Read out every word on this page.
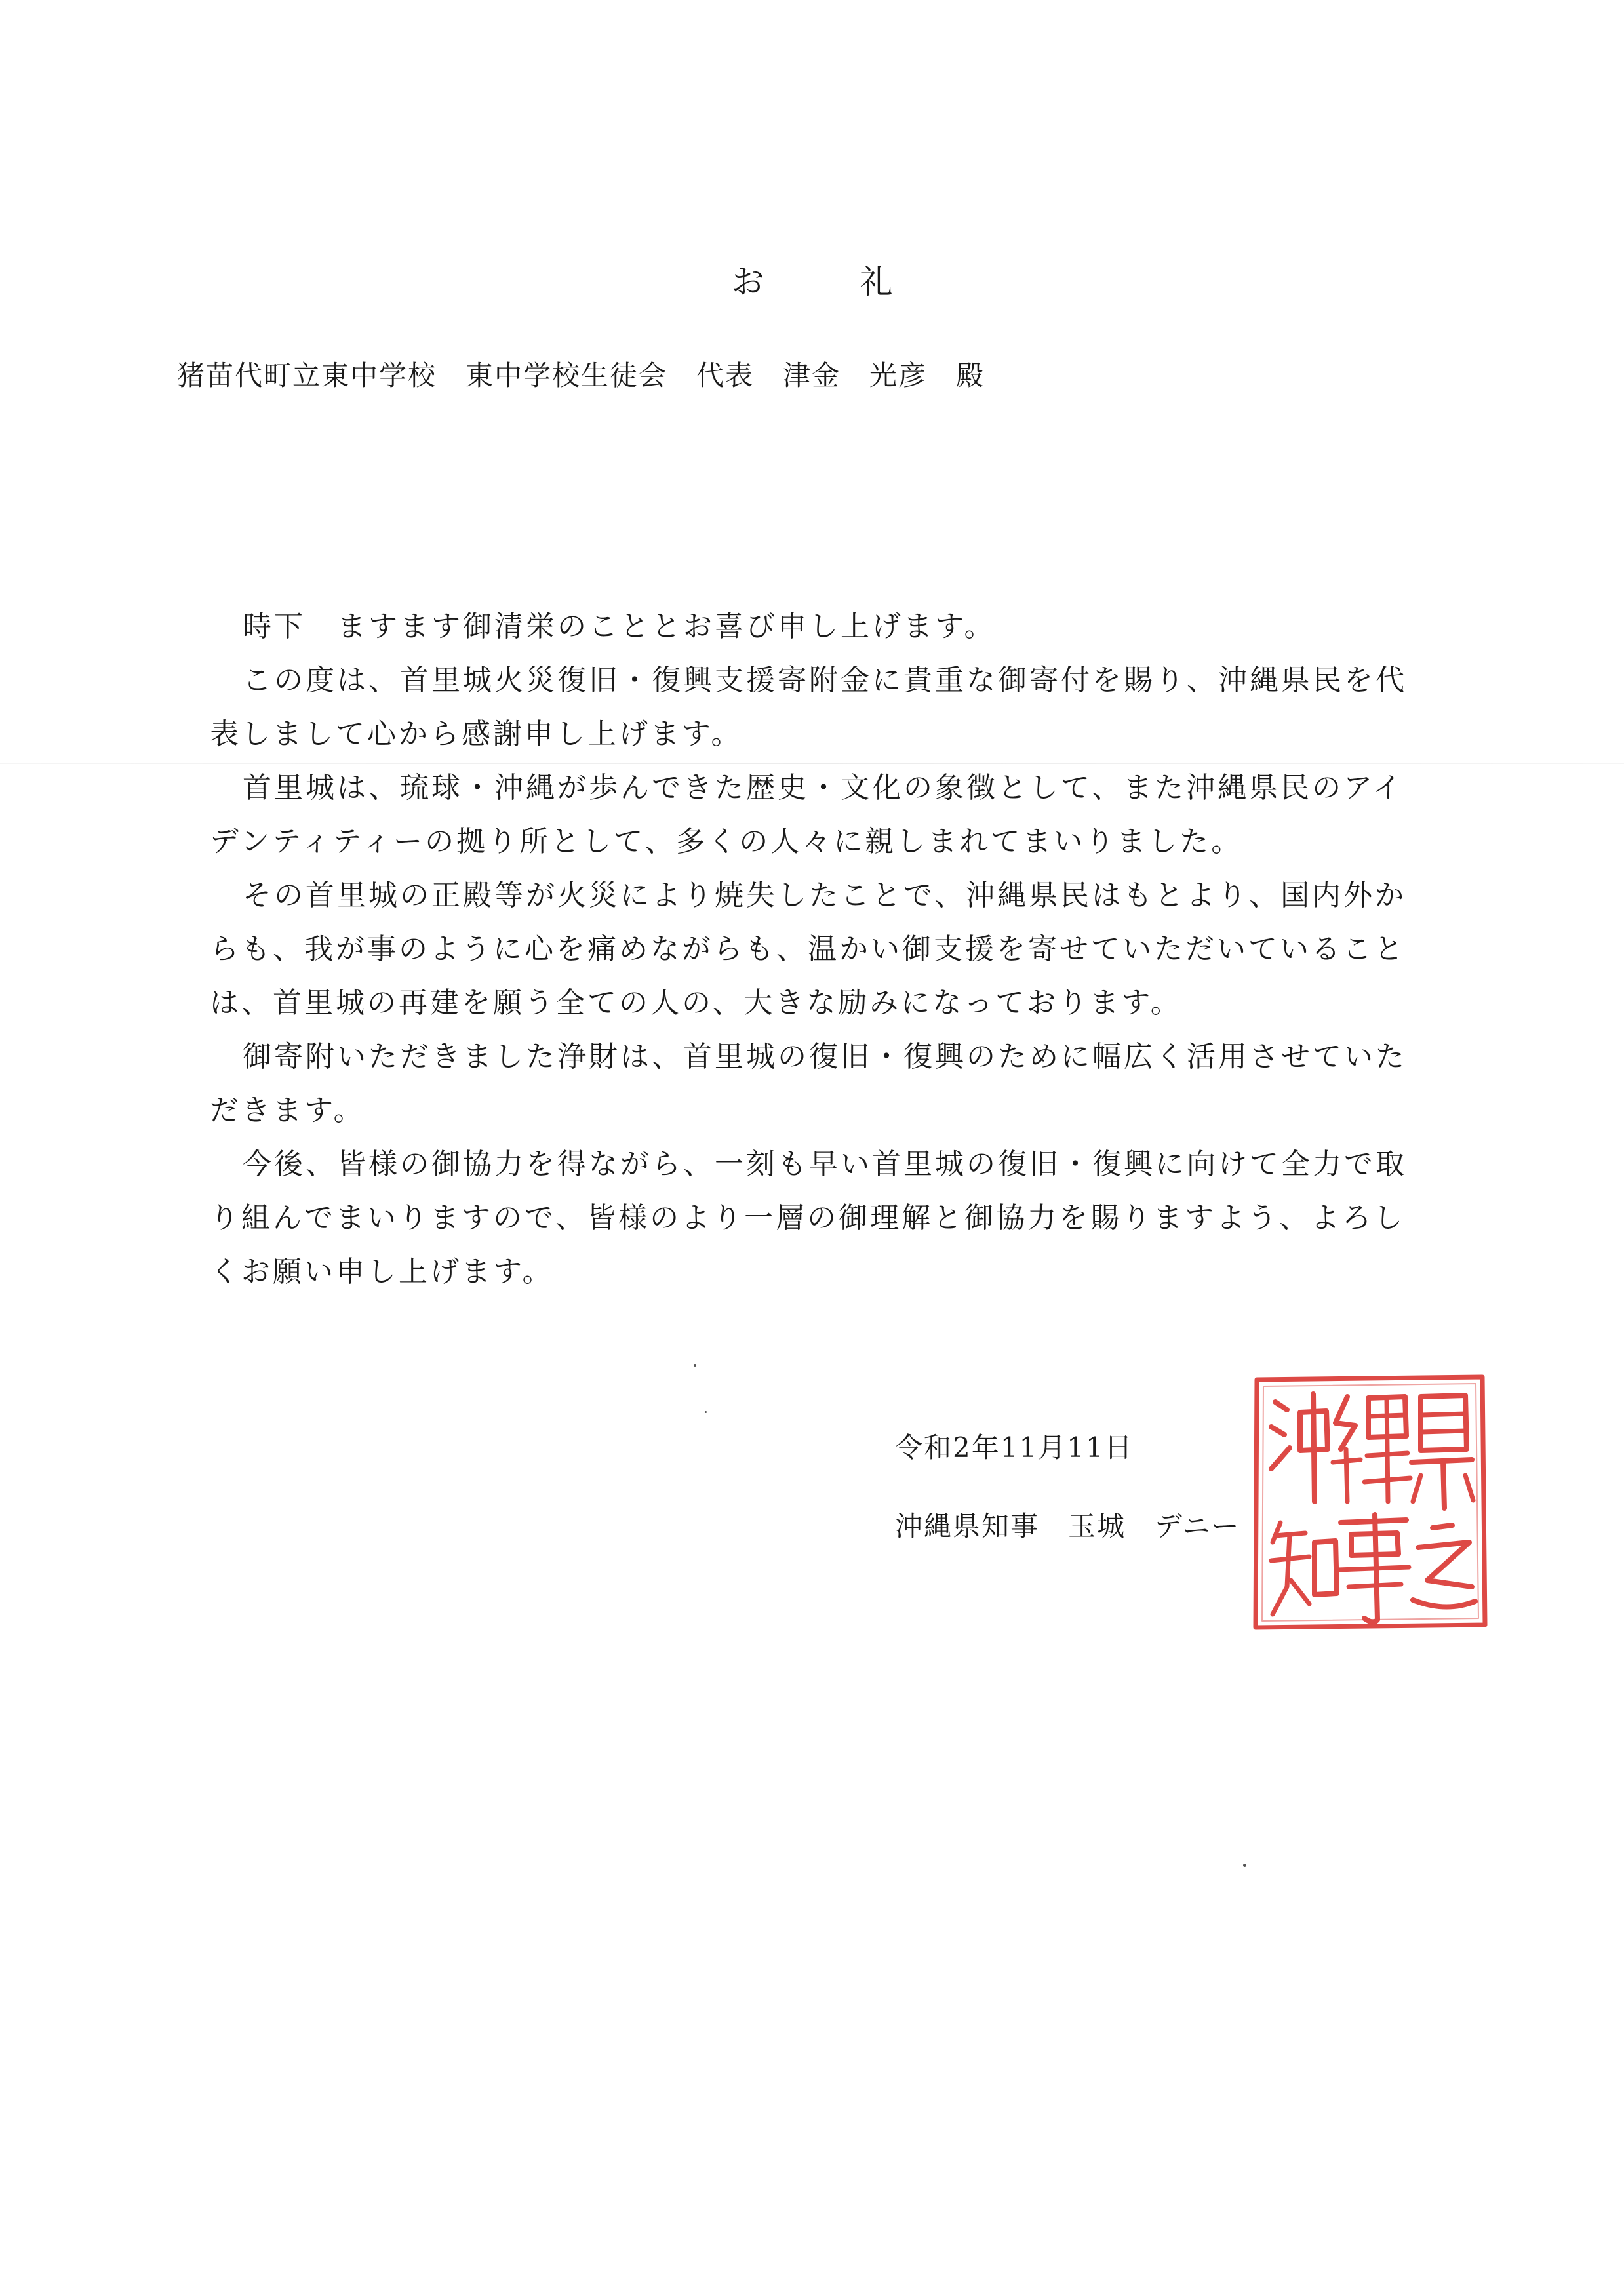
お　礼
猪苗代町立東中学校　東中学校生徒会　代表　津金　光彦　殿

時下　ますます御清栄のこととお喜び申し上げます。

この度は、首里城火災復旧・復興支援寄附金に貴重な御寄付を賜り、沖縄県民を代表しまして心から感謝申し上げます。

首里城は、琉球・沖縄が歩んできた歴史・文化の象徴として、また沖縄県民のアイデンティティーの拠り所として、多くの人々に親しまれてまいりました。

その首里城の正殿等が火災により焼失したことで、沖縄県民はもとより、国内外からも、我が事のように心を痛めながらも、温かい御支援を寄せていただいていることは、首里城の再建を願う全ての人の、大きな励みになっております。

御寄附いただきました浄財は、首里城の復旧・復興のために幅広く活用させていただきます。

今後、皆様の御協力を得ながら、一刻も早い首里城の復旧・復興に向けて全力で取り組んでまいりますので、皆様のより一層の御理解と御協力を賜りますよう、よろしくお願い申し上げます。

令和2年11月11日
沖縄県知事　玉城　デニー
